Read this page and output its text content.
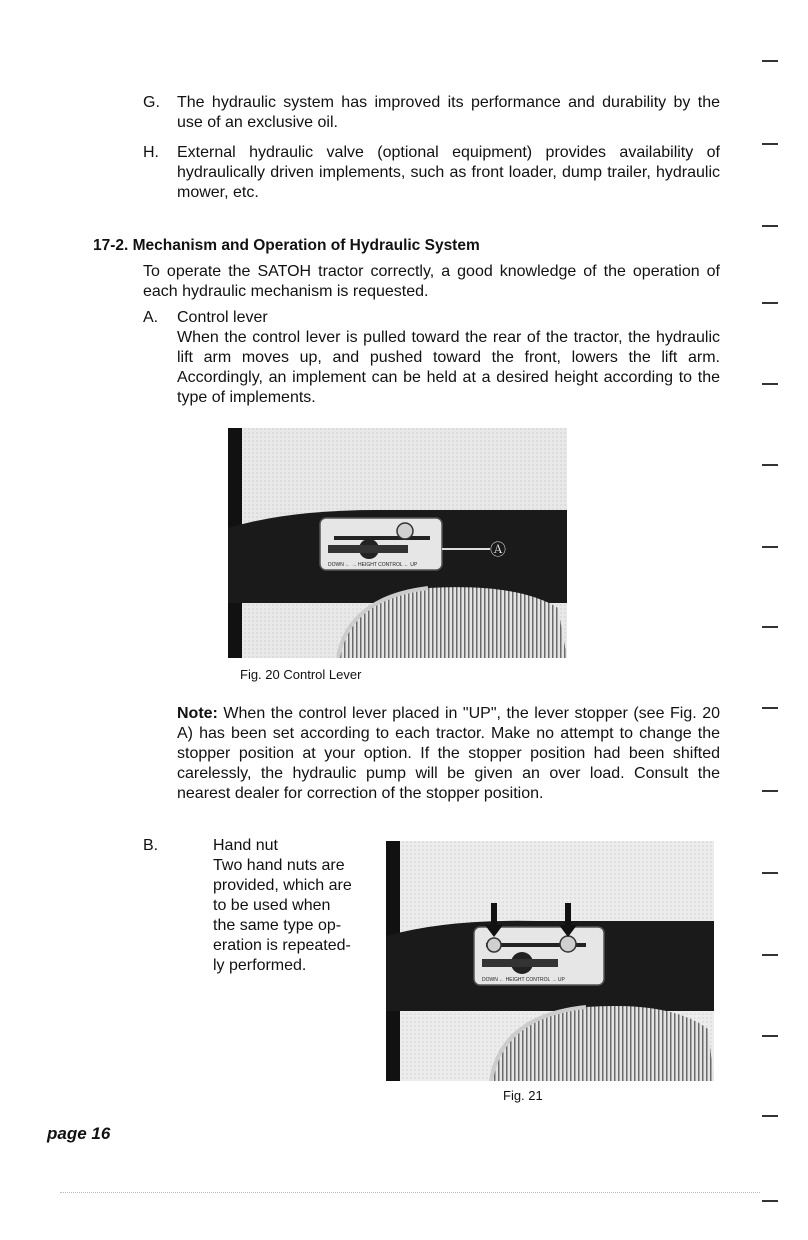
G. The hydraulic system has improved its performance and durability by the use of an exclusive oil.
H. External hydraulic valve (optional equipment) provides availability of hydraulically driven implements, such as front loader, dump trailer, hydraulic mower, etc.
17-2. Mechanism and Operation of Hydraulic System
To operate the SATOH tractor correctly, a good knowledge of the operation of each hydraulic mechanism is requested.
A. Control lever
When the control lever is pulled toward the rear of the tractor, the hydraulic lift arm moves up, and pushed toward the front, lowers the lift arm. Accordingly, an implement can be held at a desired height according to the type of implements.
DOWN ← → HEIGHT CONTROL ← UP
Ⓐ
Fig. 20 Control Lever
Note: When the control lever placed in "UP", the lever stopper (see Fig. 20 A) has been set according to each tractor. Make no attempt to change the stopper position at your option. If the stopper position had been shifted carelessly, the hydraulic pump will be given an over load. Consult the nearest dealer for correction of the stopper position.
B.	Hand nut
Two hand nuts are
provided, which are
to be used when
the same type op-
eration is repeated-
ly performed.
DOWN ← HEIGHT CONTROL → UP
Fig. 21
page 16
